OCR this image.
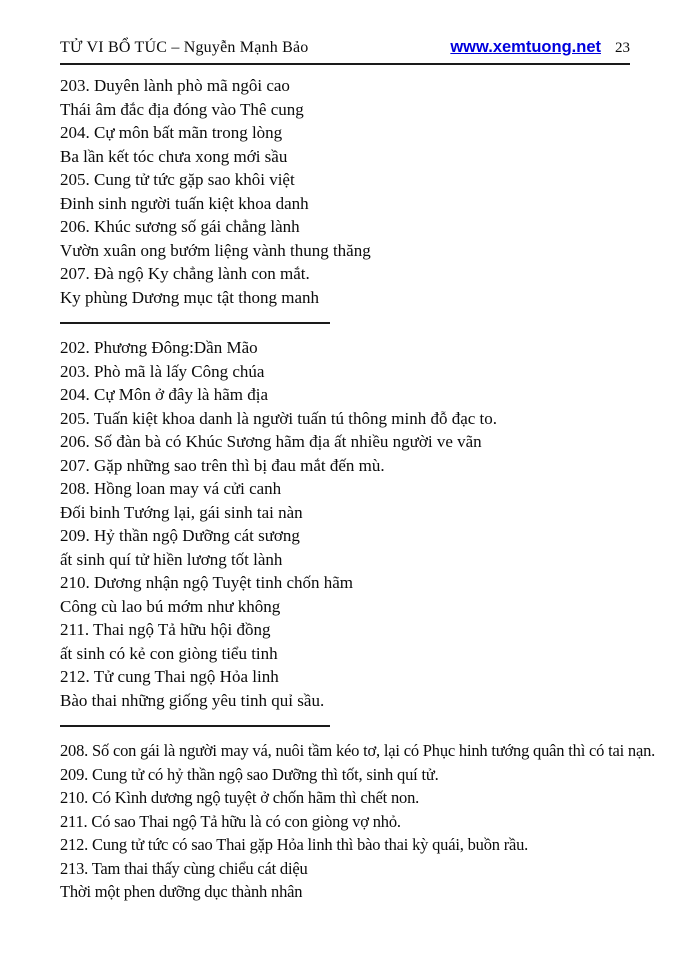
TỬ VI BỔ TÚC – Nguyễn Mạnh Bảo	www.xemtuong.net 23

203. Duyên lành phò mã ngôi cao

Thái âm đắc địa đóng vào Thê cung

204. Cự môn bất mãn trong lòng

Ba lần kết tóc chưa xong mới sầu

205. Cung tử tức gặp sao khôi việt

Đinh sinh người tuấn kiệt khoa danh

206. Khúc sương số gái chẳng lành

Vườn xuân ong bướm liệng vành thung thăng

207. Đà ngộ Ky chẳng lành con mắt.

Ky phùng Dương mục tật thong manh

202. Phương Đông:Dần Mão

203. Phò mã là lấy Công chúa

204. Cự Môn ở đây là hãm địa

205. Tuấn kiệt khoa danh là người tuấn tú thông minh đỗ đạc to.

206. Số đàn bà có Khúc Sương hãm địa ất nhiều người ve vãn

207. Gặp những sao trên thì bị đau mắt đến mù.

208. Hồng loan may vá cửi canh

Đối binh Tướng lại, gái sinh tai nàn

209. Hỷ thần ngộ Dưỡng cát sương

ất sinh quí tử hiền lương tốt lành

210. Dương nhận ngộ Tuyệt tinh chốn hãm

Công cù lao bú mớm như không

211. Thai ngộ Tả hữu hội đồng

ất sinh có kẻ con giòng tiểu tinh

212. Tử cung Thai ngộ Hỏa linh

Bào thai những giống yêu tinh quỉ sầu.

208. Số con gái là người may vá, nuôi tầm kéo tơ, lại có Phục hinh tướng quân thì có tai nạn.

209. Cung tử có hỷ thần ngộ sao Dưỡng thì tốt, sinh quí tử.

210. Có Kình dương ngộ tuyệt ở chốn hãm thì chết non.

211. Có sao Thai ngộ Tả hữu là có con giòng vợ nhỏ.

212. Cung tử tức có sao Thai gặp Hỏa linh thì bào thai kỳ quái, buồn rầu.

213. Tam thai thấy cùng chiểu cát diệu

Thời một phen dưỡng dục thành nhân
